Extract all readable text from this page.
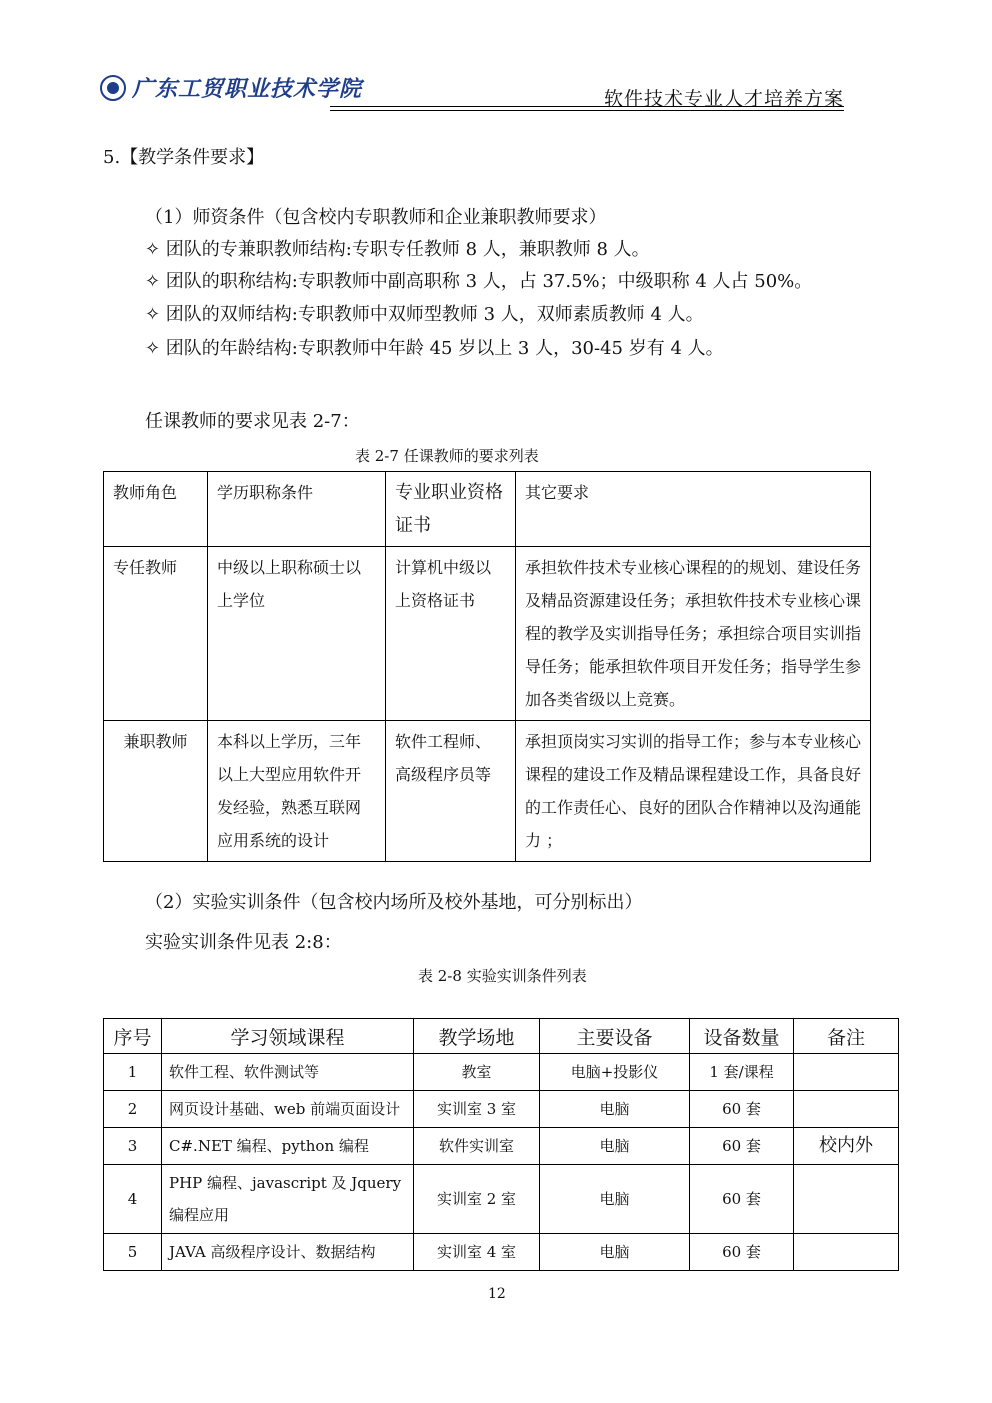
广东工贸职业技术学院	软件技术专业人才培养方案
5.【教学条件要求】
（1）师资条件（包含校内专职教师和企业兼职教师要求）
✧ 团队的专兼职教师结构:专职专任教师 8 人，兼职教师 8 人。
✧ 团队的职称结构:专职教师中副高职称 3 人，占 37.5%；中级职称 4 人占 50%。
✧ 团队的双师结构:专职教师中双师型教师 3 人，双师素质教师 4 人。
✧ 团队的年龄结构:专职教师中年龄 45 岁以上 3 人，30-45 岁有 4 人。
任课教师的要求见表 2-7：
表 2-7 任课教师的要求列表
教师角色	学历职称条件	专业职业资格证书	其它要求
专任教师	中级以上职称硕士以上学位	计算机中级以上资格证书	承担软件技术专业核心课程的的规划、建设任务及精品资源建设任务；承担软件技术专业核心课程的教学及实训指导任务；承担综合项目实训指导任务；能承担软件项目开发任务；指导学生参加各类省级以上竞赛。
兼职教师	本科以上学历，三年以上大型应用软件开发经验，熟悉互联网应用系统的设计	软件工程师、高级程序员等	承担顶岗实习实训的指导工作；参与本专业核心课程的建设工作及精品课程建设工作，具备良好的工作责任心、良好的团队合作精神以及沟通能力 ；
（2）实验实训条件（包含校内场所及校外基地，可分别标出）
实验实训条件见表 2:8：
表 2-8 实验实训条件列表
序号	学习领域课程	教学场地	主要设备	设备数量	备注
1	软件工程、软件测试等	教室	电脑+投影仪	1 套/课程	
2	网页设计基础、web 前端页面设计	实训室 3 室	电脑	60 套	
3	C#.NET 编程、python 编程	软件实训室	电脑	60 套	校内外
4	PHP 编程、javascript 及 Jquery 编程应用	实训室 2 室	电脑	60 套	
5	JAVA 高级程序设计、数据结构	实训室 4 室	电脑	60 套	
12
